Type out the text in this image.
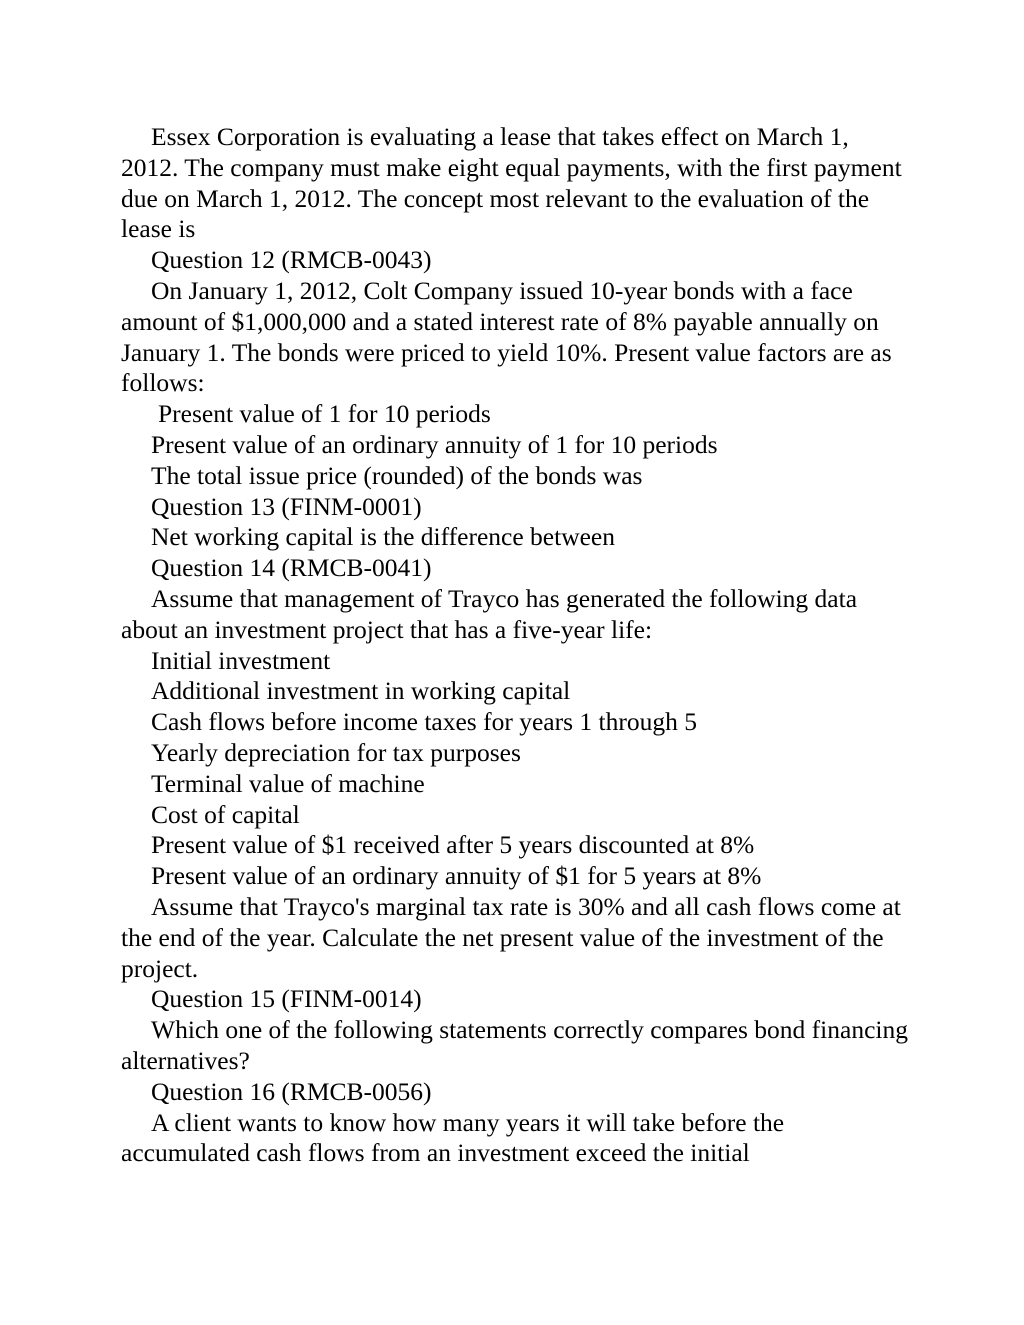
Essex Corporation is evaluating a lease that takes effect on March 1, 2012. The company must make eight equal payments, with the first payment due on March 1, 2012. The concept most relevant to the evaluation of the lease is

Question 12 (RMCB-0043)

On January 1, 2012, Colt Company issued 10-year bonds with a face amount of $1,000,000 and a stated interest rate of 8% payable annually on January 1. The bonds were priced to yield 10%. Present value factors are as follows:

Present value of 1 for 10 periods

Present value of an ordinary annuity of 1 for 10 periods

The total issue price (rounded) of the bonds was

Question 13 (FINM-0001)

Net working capital is the difference between

Question 14 (RMCB-0041)

Assume that management of Trayco has generated the following data about an investment project that has a five-year life:

Initial investment

Additional investment in working capital

Cash flows before income taxes for years 1 through 5

Yearly depreciation for tax purposes

Terminal value of machine

Cost of capital

Present value of $1 received after 5 years discounted at 8%

Present value of an ordinary annuity of $1 for 5 years at 8%

Assume that Trayco's marginal tax rate is 30% and all cash flows come at the end of the year. Calculate the net present value of the investment of the project.

Question 15 (FINM-0014)

Which one of the following statements correctly compares bond financing alternatives?

Question 16 (RMCB-0056)

A client wants to know how many years it will take before the accumulated cash flows from an investment exceed the initial
